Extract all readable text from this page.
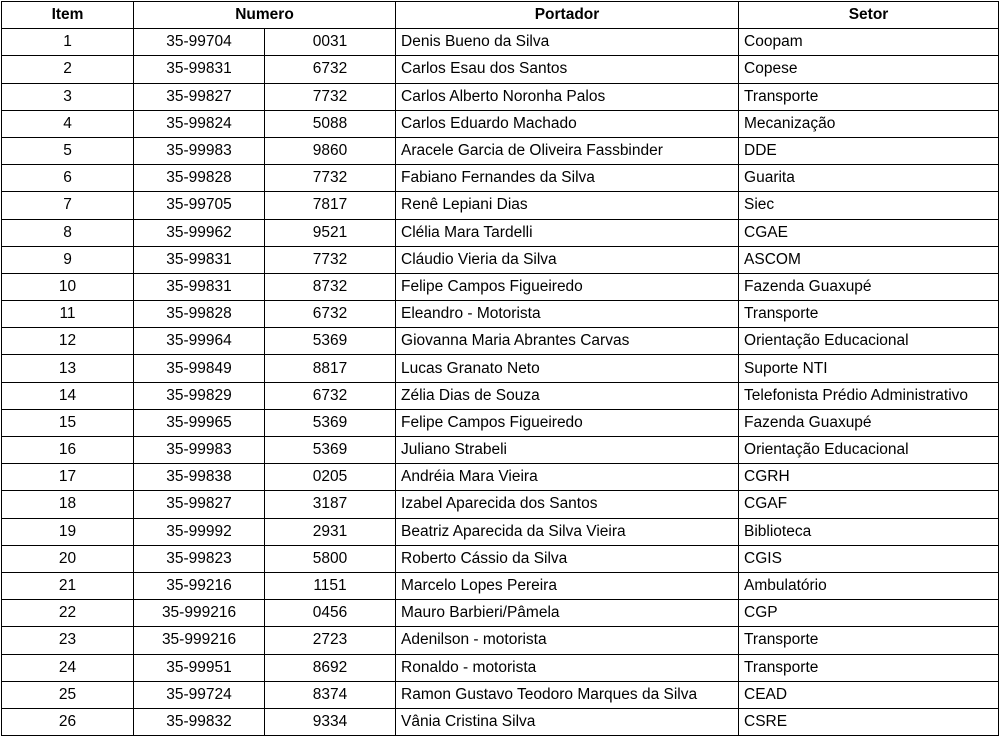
Item	Numero		Portador	Setor
1	35-99704	0031	Denis Bueno da Silva	Coopam
2	35-99831	6732	Carlos Esau dos Santos	Copese
3	35-99827	7732	Carlos Alberto Noronha Palos	Transporte
4	35-99824	5088	Carlos Eduardo Machado	Mecanização
5	35-99983	9860	Aracele Garcia de Oliveira Fassbinder	DDE
6	35-99828	7732	Fabiano Fernandes da Silva	Guarita
7	35-99705	7817	Renê Lepiani Dias	Siec
8	35-99962	9521	Clélia Mara Tardelli	CGAE
9	35-99831	7732	Cláudio Vieria da Silva	ASCOM
10	35-99831	8732	Felipe Campos Figueiredo	Fazenda Guaxupé
11	35-99828	6732	Eleandro - Motorista	Transporte
12	35-99964	5369	Giovanna Maria Abrantes Carvas	Orientação Educacional
13	35-99849	8817	Lucas Granato Neto	Suporte NTI
14	35-99829	6732	Zélia Dias de Souza	Telefonista Prédio Administrativo
15	35-99965	5369	Felipe Campos Figueiredo	Fazenda Guaxupé
16	35-99983	5369	Juliano Strabeli	Orientação Educacional
17	35-99838	0205	Andréia Mara Vieira	CGRH
18	35-99827	3187	Izabel Aparecida dos Santos	CGAF
19	35-99992	2931	Beatriz Aparecida da Silva Vieira	Biblioteca
20	35-99823	5800	Roberto Cássio da Silva	CGIS
21	35-99216	1151	Marcelo Lopes Pereira	Ambulatório
22	35-999216	0456	Mauro Barbieri/Pâmela	CGP
23	35-999216	2723	Adenilson - motorista	Transporte
24	35-99951	8692	Ronaldo - motorista	Transporte
25	35-99724	8374	Ramon Gustavo Teodoro Marques da Silva	CEAD
26	35-99832	9334	Vânia Cristina Silva	CSRE
